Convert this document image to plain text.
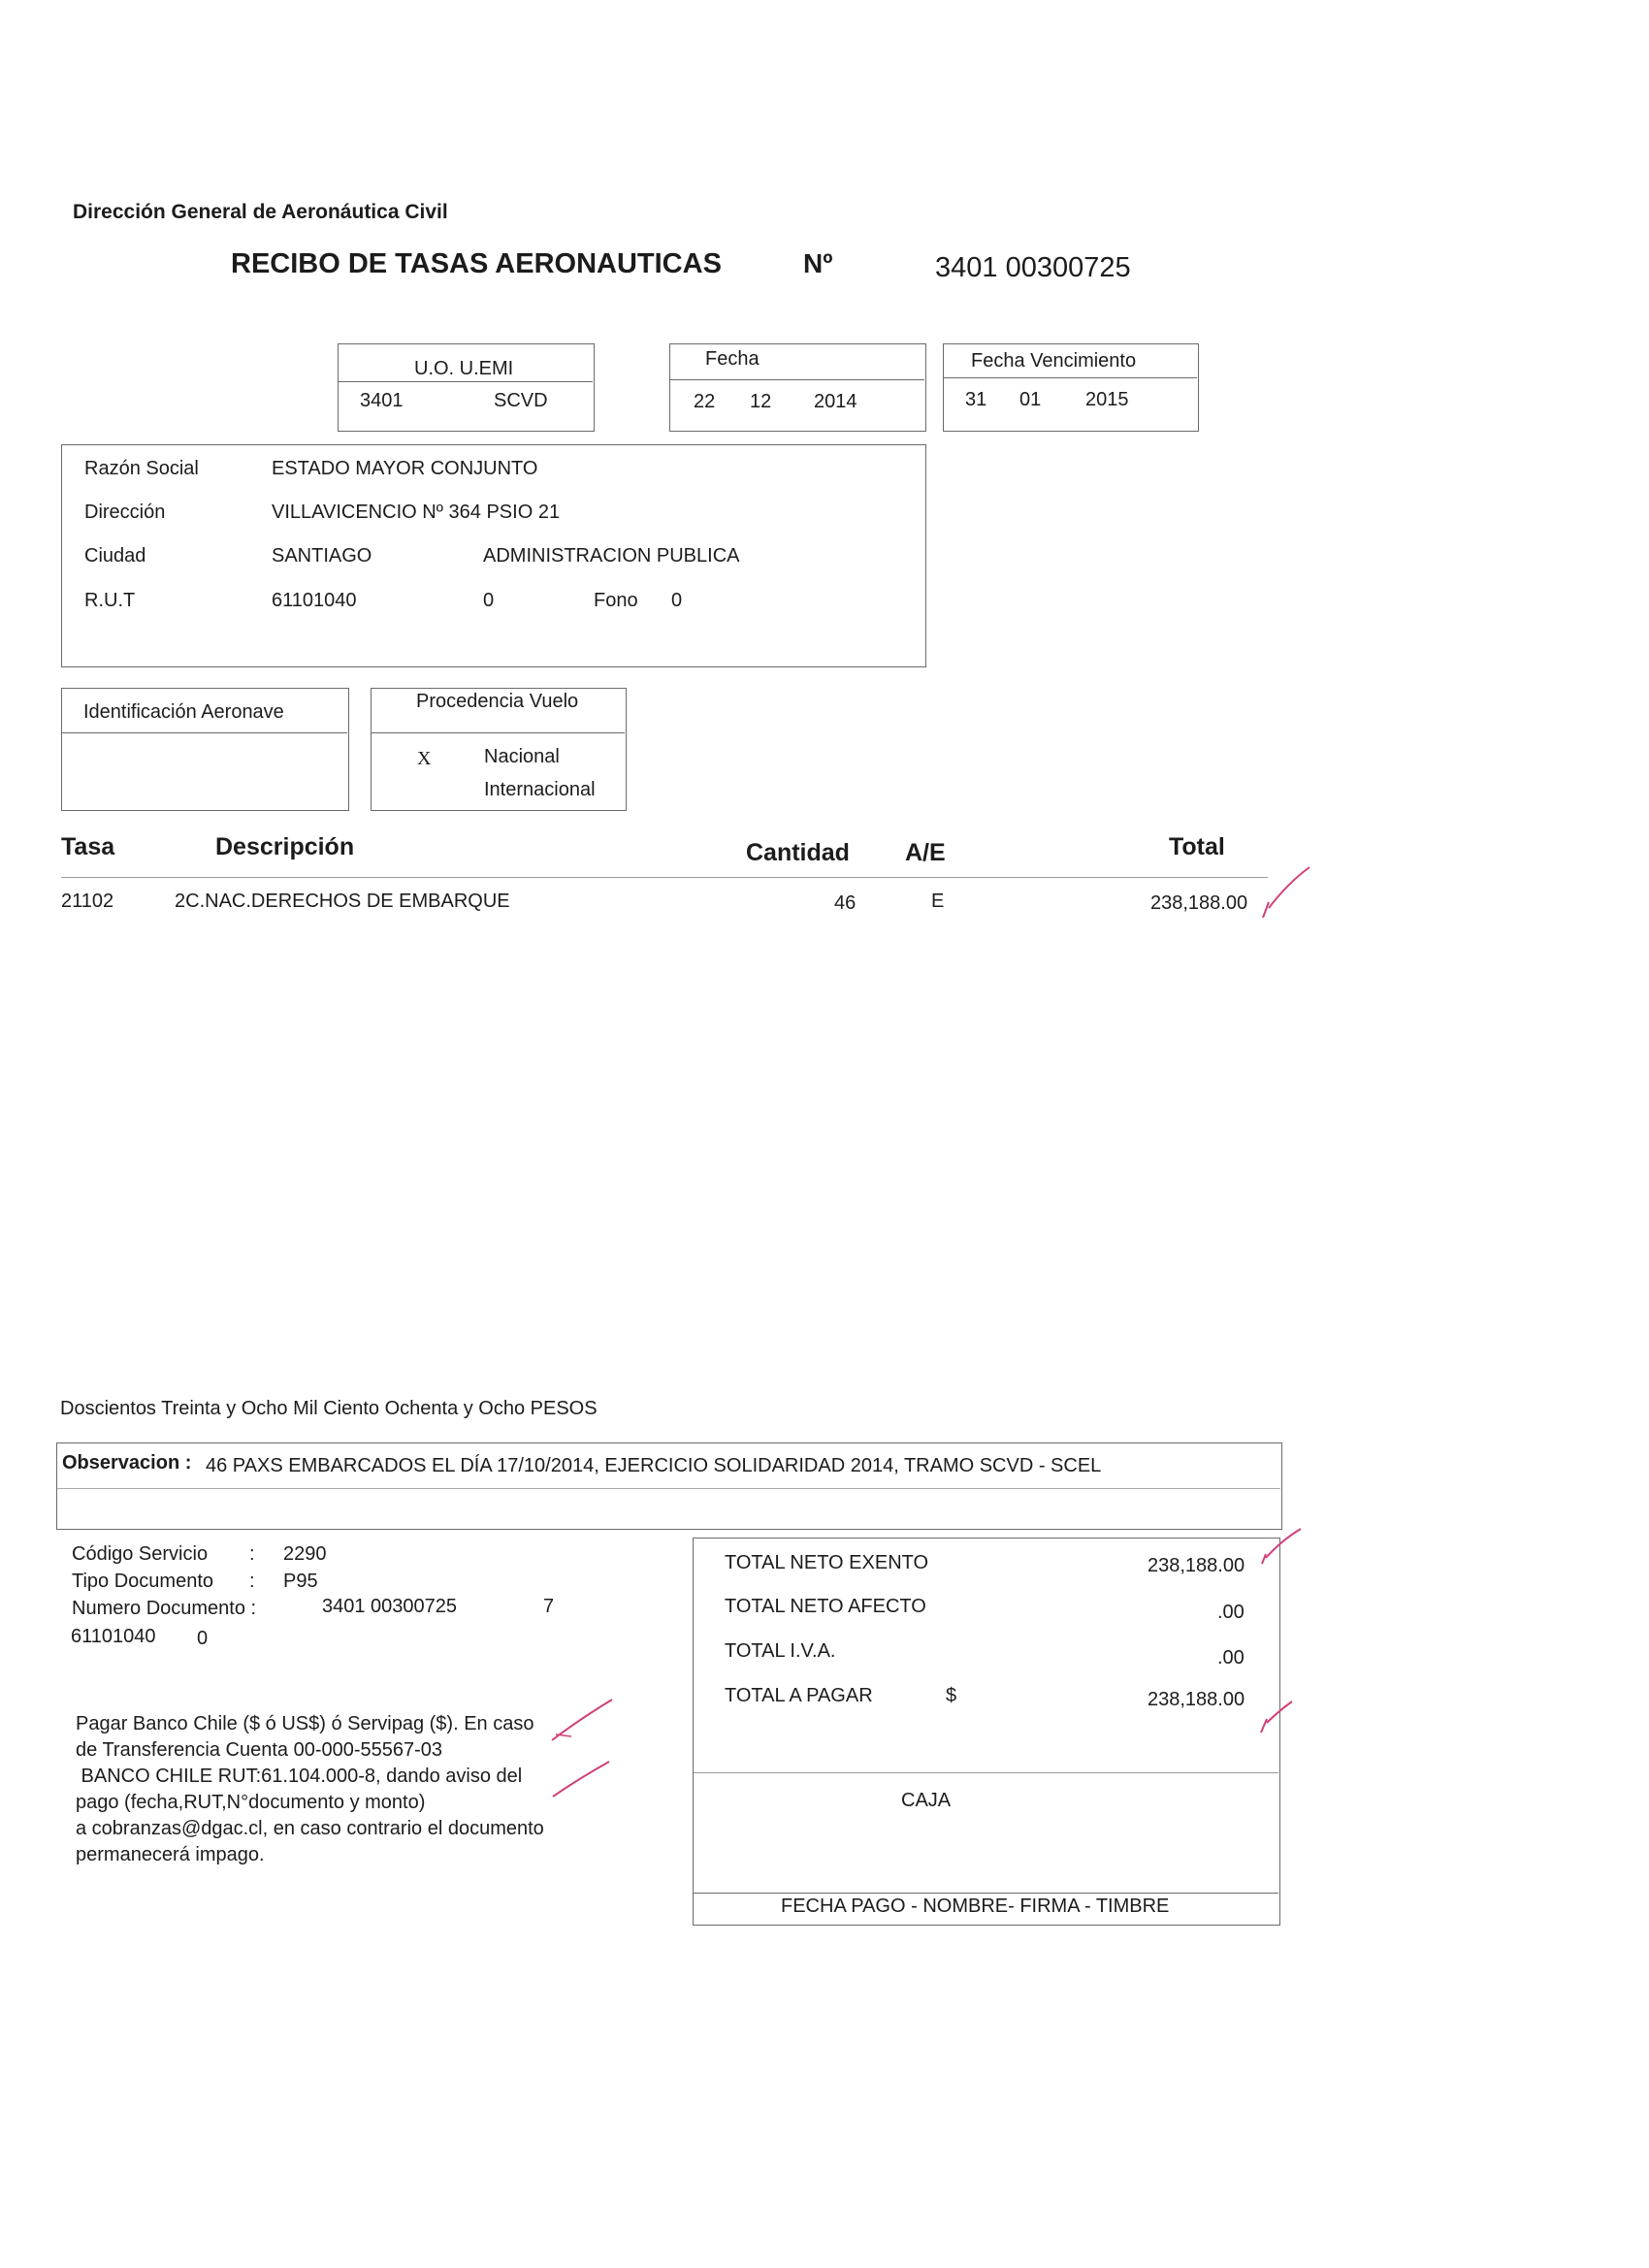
Dirección General de Aeronáutica Civil
RECIBO DE TASAS AERONAUTICAS	Nº	3401 00300725
U.O. U.EMI
3401	SCVD
Fecha
22 12 2014
Fecha Vencimiento
31 01 2015
Razón Social	ESTADO MAYOR CONJUNTO
Dirección	VILLAVICENCIO Nº 364 PSIO 21
Ciudad	SANTIAGO	ADMINISTRACION PUBLICA
R.U.T	61101040	0	Fono 0
Identificación Aeronave	Procedencia Vuelo
X	Nacional
Internacional
Tasa	Descripción	Cantidad A/E	Total
21102	2C.NAC.DERECHOS DE EMBARQUE	46	E	238,188.00
Doscientos Treinta y Ocho Mil Ciento Ochenta y Ocho PESOS
Observacion : 46 PAXS EMBARCADOS EL DÍA 17/10/2014, EJERCICIO SOLIDARIDAD 2014, TRAMO SCVD - SCEL
Código Servicio : 2290
Tipo Documento : P95
Numero Documento :	3401 00300725	7
61101040 0
Pagar Banco Chile ($ ó US$) ó Servipag ($). En caso
de Transferencia Cuenta 00-000-55567-03
BANCO CHILE RUT:61.104.000-8, dando aviso del
pago (fecha,RUT,N°documento y monto)
a cobranzas@dgac.cl, en caso contrario el documento
permanecerá impago.
TOTAL NETO EXENTO	238,188.00
TOTAL NETO AFECTO	.00
TOTAL I.V.A.	.00
TOTAL A PAGAR	$	238,188.00
CAJA
FECHA PAGO - NOMBRE- FIRMA - TIMBRE
